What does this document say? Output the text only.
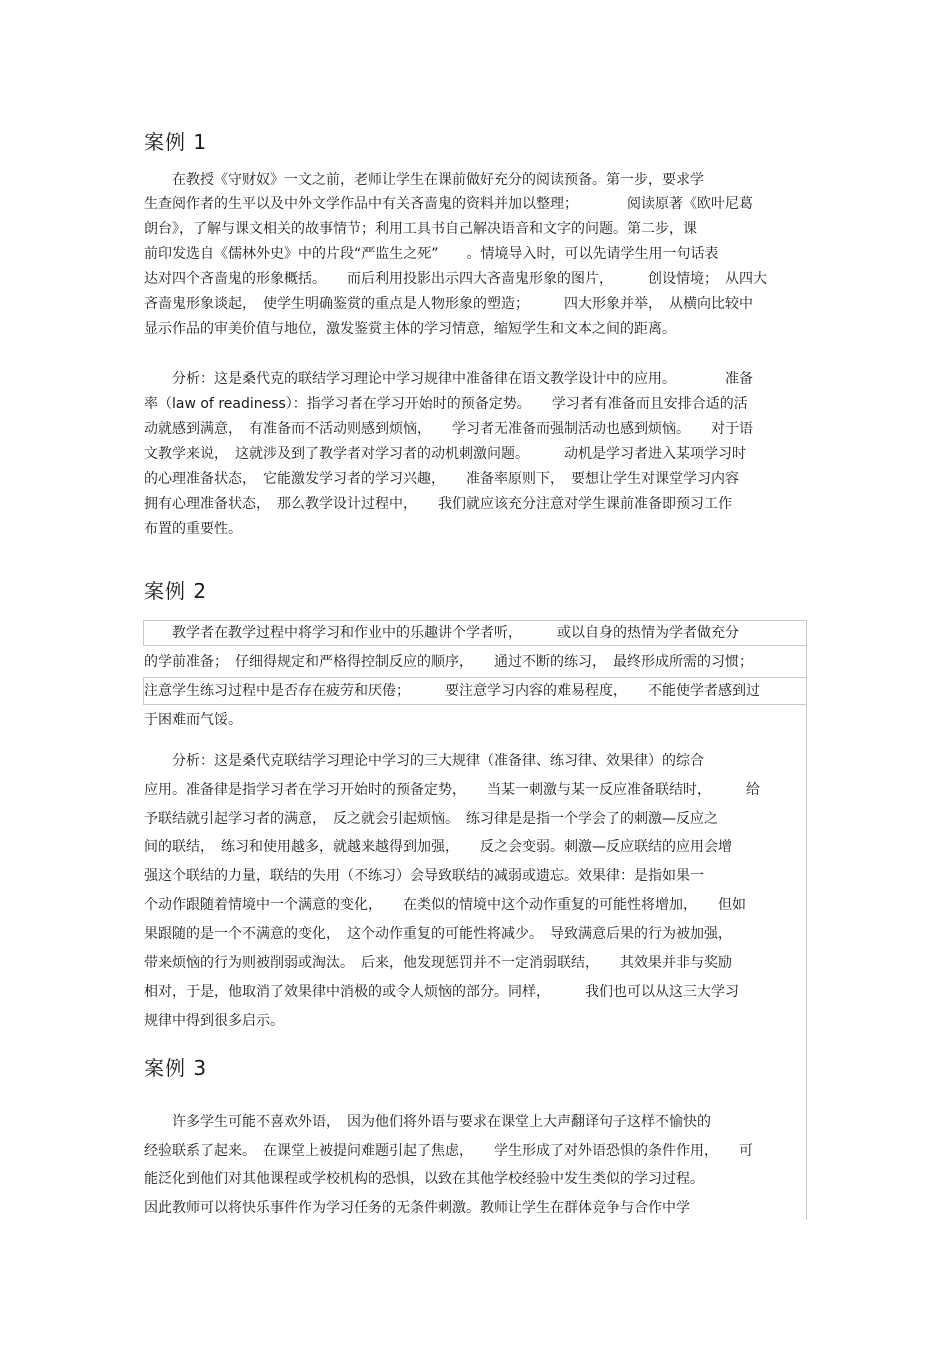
案例 1
　　在教授《守财奴》一文之前，老师让学生在课前做好充分的阅读预备。第一步，要求学
生查阅作者的生平以及中外文学作品中有关吝啬鬼的资料并加以整理；　　　　阅读原著《欧叶尼葛
朗台》，了解与课文相关的故事情节；利用工具书自己解决语音和文字的问题。第二步，课
前印发选自《儒林外史》中的片段“严监生之死”　　。情境导入时，可以先请学生用一句话表
达对四个吝啬鬼的形象概括。　　而后利用投影出示四大吝啬鬼形象的图片，　　　创设情境；　从四大
吝啬鬼形象谈起，　使学生明确鉴赏的重点是人物形象的塑造；　　　四大形象并举，　从横向比较中
显示作品的审美价值与地位，激发鉴赏主体的学习情意，缩短学生和文本之间的距离。
　　分析：这是桑代克的联结学习理论中学习规律中准备律在语文教学设计中的应用。　　　　准备
率（law of readiness）：指学习者在学习开始时的预备定势。　　学习者有准备而且安排合适的活
动就感到满意，　有准备而不活动则感到烦恼，　　学习者无准备而强制活动也感到烦恼。　　对于语
文教学来说，　这就涉及到了教学者对学习者的动机刺激问题。　　　动机是学习者进入某项学习时
的心理准备状态，　它能激发学习者的学习兴趣，　　准备率原则下，　要想让学生对课堂学习内容
拥有心理准备状态，　那么教学设计过程中，　　我们就应该充分注意对学生课前准备即预习工作
布置的重要性。
案例 2
　　教学者在教学过程中将学习和作业中的乐趣讲个学者听，　　　或以自身的热情为学者做充分
的学前准备；　仔细得规定和严格得控制反应的顺序，　　通过不断的练习，　最终形成所需的习惯；
注意学生练习过程中是否存在疲劳和厌倦；　　　要注意学习内容的难易程度，　　不能使学者感到过
于困难而气馁。
　　分析：这是桑代克联结学习理论中学习的三大规律（准备律、练习律、效果律）的综合
应用。准备律是指学习者在学习开始时的预备定势，　　当某一刺激与某一反应准备联结时，　　　给
予联结就引起学习者的满意，　反之就会引起烦恼。　练习律是是指一个学会了的刺激—反应之
间的联结，　练习和使用越多，就越来越得到加强，　　反之会变弱。刺激—反应联结的应用会增
强这个联结的力量，联结的失用（不练习）会导致联结的减弱或遗忘。效果律：是指如果一
个动作跟随着情境中一个满意的变化，　　在类似的情境中这个动作重复的可能性将增加，　　但如
果跟随的是一个不满意的变化，　这个动作重复的可能性将减少。　导致满意后果的行为被加强，
带来烦恼的行为则被削弱或淘汰。　后来，他发现惩罚并不一定消弱联结，　　其效果并非与奖励
相对，于是，他取消了效果律中消极的或令人烦恼的部分。同样，　　　我们也可以从这三大学习
规律中得到很多启示。
案例 3
　　许多学生可能不喜欢外语，　因为他们将外语与要求在课堂上大声翻译句子这样不愉快的
经验联系了起来。　在课堂上被提问难题引起了焦虑，　　学生形成了对外语恐惧的条件作用，　　可
能泛化到他们对其他课程或学校机构的恐惧，以致在其他学校经验中发生类似的学习过程。
因此教师可以将快乐事件作为学习任务的无条件刺激。教师让学生在群体竞争与合作中学
